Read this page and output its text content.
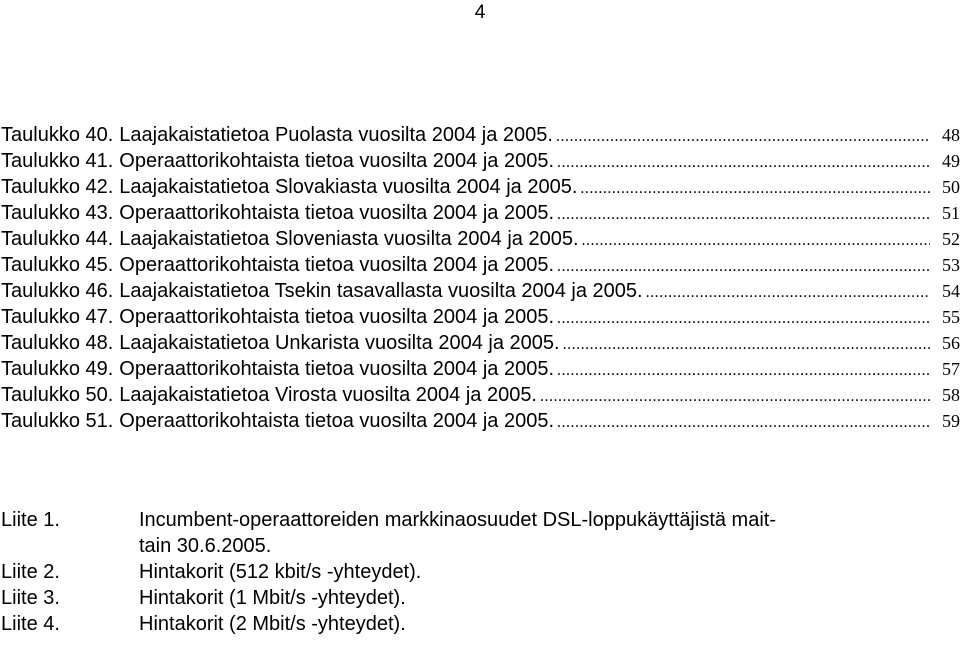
4
Taulukko 40. Laajakaistatietoa Puolasta vuosilta 2004 ja 2005. .....	48
Taulukko 41. Operaattorikohtaista tietoa vuosilta 2004 ja 2005. .....	49
Taulukko 42. Laajakaistatietoa Slovakiasta vuosilta 2004 ja 2005. .....	50
Taulukko 43. Operaattorikohtaista tietoa vuosilta 2004 ja 2005. .....	51
Taulukko 44. Laajakaistatietoa Sloveniasta vuosilta 2004 ja 2005. .....	52
Taulukko 45. Operaattorikohtaista tietoa vuosilta 2004 ja 2005. .....	53
Taulukko 46. Laajakaistatietoa Tsekin tasavallasta vuosilta 2004 ja 2005. .....	54
Taulukko 47. Operaattorikohtaista tietoa vuosilta 2004 ja 2005. .....	55
Taulukko 48. Laajakaistatietoa Unkarista vuosilta 2004 ja 2005. .....	56
Taulukko 49. Operaattorikohtaista tietoa vuosilta 2004 ja 2005. .....	57
Taulukko 50. Laajakaistatietoa Virosta vuosilta 2004 ja 2005. .....	58
Taulukko 51. Operaattorikohtaista tietoa vuosilta 2004 ja 2005. .....	59
Liite 1.	Incumbent-operaattoreiden markkinaosuudet DSL-loppukäyttäjistä mait-
tain 30.6.2005.
Liite 2.	Hintakorit (512 kbit/s -yhteydet).
Liite 3.	Hintakorit (1 Mbit/s -yhteydet).
Liite 4.	Hintakorit (2 Mbit/s -yhteydet).
